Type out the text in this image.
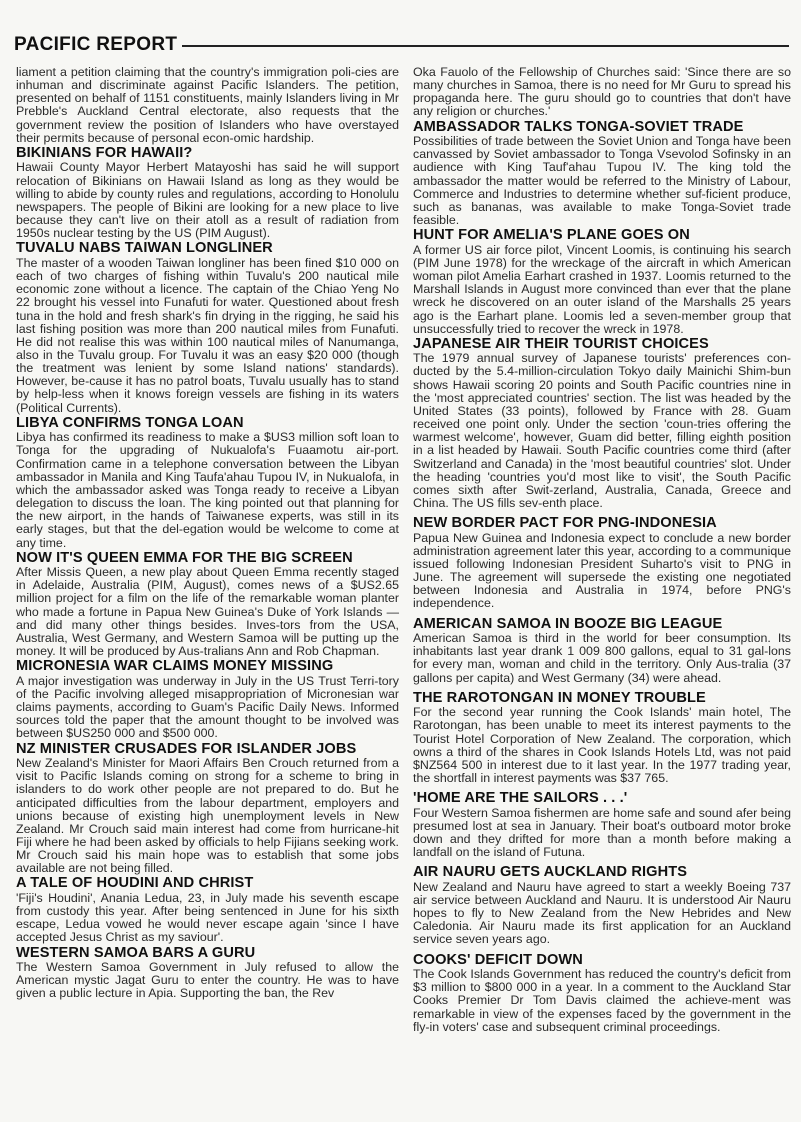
PACIFIC REPORT

liament a petition claiming that the country's immigration poli-cies are inhuman and discriminate against Pacific Islanders. The petition, presented on behalf of 1151 constituents, mainly Islanders living in Mr Prebble's Auckland Central electorate, also requests that the government review the position of Islanders who have overstayed their permits because of personal econ-omic hardship.

BIKINIANS FOR HAWAII?

Hawaii County Mayor Herbert Matayoshi has said he will support relocation of Bikinians on Hawaii Island as long as they would be willing to abide by county rules and regulations, according to Honolulu newspapers. The people of Bikini are looking for a new place to live because they can't live on their atoll as a result of radiation from 1950s nuclear testing by the US (PIM August).

TUVALU NABS TAIWAN LONGLINER

The master of a wooden Taiwan longliner has been fined $10 000 on each of two charges of fishing within Tuvalu's 200 nautical mile economic zone without a licence. The captain of the Chiao Yeng No 22 brought his vessel into Funafuti for water. Questioned about fresh tuna in the hold and fresh shark's fin drying in the rigging, he said his last fishing position was more than 200 nautical miles from Funafuti. He did not realise this was within 100 nautical miles of Nanumanga, also in the Tuvalu group. For Tuvalu it was an easy $20 000 (though the treatment was lenient by some Island nations' standards). However, be-cause it has no patrol boats, Tuvalu usually has to stand by help-less when it knows foreign vessels are fishing in its waters (Political Currents).

LIBYA CONFIRMS TONGA LOAN

Libya has confirmed its readiness to make a $US3 million soft loan to Tonga for the upgrading of Nukualofa's Fuaamotu air-port. Confirmation came in a telephone conversation between the Libyan ambassador in Manila and King Taufa'ahau Tupou IV, in Nukualofa, in which the ambassador asked was Tonga ready to receive a Libyan delegation to discuss the loan. The king pointed out that planning for the new airport, in the hands of Taiwanese experts, was still in its early stages, but that the del-egation would be welcome to come at any time.

NOW IT'S QUEEN EMMA FOR THE BIG SCREEN

After Missis Queen, a new play about Queen Emma recently staged in Adelaide, Australia (PIM, August), comes news of a $US2.65 million project for a film on the life of the remarkable woman planter who made a fortune in Papua New Guinea's Duke of York Islands — and did many other things besides. Inves-tors from the USA, Australia, West Germany, and Western Samoa will be putting up the money. It will be produced by Aus-tralians Ann and Rob Chapman.

MICRONESIA WAR CLAIMS MONEY MISSING

A major investigation was underway in July in the US Trust Terri-tory of the Pacific involving alleged misappropriation of Micronesian war claims payments, according to Guam's Pacific Daily News. Informed sources told the paper that the amount thought to be involved was between $US250 000 and $500 000.

NZ MINISTER CRUSADES FOR ISLANDER JOBS

New Zealand's Minister for Maori Affairs Ben Crouch returned from a visit to Pacific Islands coming on strong for a scheme to bring in islanders to do work other people are not prepared to do. But he anticipated difficulties from the labour department, employers and unions because of existing high unemployment levels in New Zealand. Mr Crouch said main interest had come from hurricane-hit Fiji where he had been asked by officials to help Fijians seeking work. Mr Crouch said his main hope was to establish that some jobs available are not being filled.

A TALE OF HOUDINI AND CHRIST

'Fiji's Houdini', Anania Ledua, 23, in July made his seventh escape from custody this year. After being sentenced in June for his sixth escape, Ledua vowed he would never escape again 'since I have accepted Jesus Christ as my saviour'.

WESTERN SAMOA BARS A GURU

The Western Samoa Government in July refused to allow the American mystic Jagat Guru to enter the country. He was to have given a public lecture in Apia. Supporting the ban, the Rev

Oka Fauolo of the Fellowship of Churches said: 'Since there are so many churches in Samoa, there is no need for Mr Guru to spread his propaganda here. The guru should go to countries that don't have any religion or churches.'

AMBASSADOR TALKS TONGA-SOVIET TRADE

Possibilities of trade between the Soviet Union and Tonga have been canvassed by Soviet ambassador to Tonga Vsevolod Sofinsky in an audience with King Tauf'ahau Tupou IV. The king told the ambassador the matter would be referred to the Ministry of Labour, Commerce and Industries to determine whether suf-ficient produce, such as bananas, was available to make Tonga-Soviet trade feasible.

HUNT FOR AMELIA'S PLANE GOES ON

A former US air force pilot, Vincent Loomis, is continuing his search (PIM June 1978) for the wreckage of the aircraft in which American woman pilot Amelia Earhart crashed in 1937. Loomis returned to the Marshall Islands in August more convinced than ever that the plane wreck he discovered on an outer island of the Marshalls 25 years ago is the Earhart plane. Loomis led a seven-member group that unsuccessfully tried to recover the wreck in 1978.

JAPANESE AIR THEIR TOURIST CHOICES

The 1979 annual survey of Japanese tourists' preferences con-ducted by the 5.4-million-circulation Tokyo daily Mainichi Shim-bun shows Hawaii scoring 20 points and South Pacific countries nine in the 'most appreciated countries' section. The list was headed by the United States (33 points), followed by France with 28. Guam received one point only. Under the section 'coun-tries offering the warmest welcome', however, Guam did better, filling eighth position in a list headed by Hawaii. South Pacific countries come third (after Switzerland and Canada) in the 'most beautiful countries' slot. Under the heading 'countries you'd most like to visit', the South Pacific comes sixth after Swit-zerland, Australia, Canada, Greece and China. The US fills sev-enth place.

NEW BORDER PACT FOR PNG-INDONESIA

Papua New Guinea and Indonesia expect to conclude a new border administration agreement later this year, according to a communique issued following Indonesian President Suharto's visit to PNG in June. The agreement will supersede the existing one negotiated between Indonesia and Australia in 1974, before PNG's independence.

AMERICAN SAMOA IN BOOZE BIG LEAGUE

American Samoa is third in the world for beer consumption. Its inhabitants last year drank 1 009 800 gallons, equal to 31 gal-lons for every man, woman and child in the territory. Only Aus-tralia (37 gallons per capita) and West Germany (34) were ahead.

THE RAROTONGAN IN MONEY TROUBLE

For the second year running the Cook Islands' main hotel, The Rarotongan, has been unable to meet its interest payments to the Tourist Hotel Corporation of New Zealand. The corporation, which owns a third of the shares in Cook Islands Hotels Ltd, was not paid $NZ564 500 in interest due to it last year. In the 1977 trading year, the shortfall in interest payments was $37 765.

'HOME ARE THE SAILORS . . .'

Four Western Samoa fishermen are home safe and sound afer being presumed lost at sea in January. Their boat's outboard motor broke down and they drifted for more than a month before making a landfall on the island of Futuna.

AIR NAURU GETS AUCKLAND RIGHTS

New Zealand and Nauru have agreed to start a weekly Boeing 737 air service between Auckland and Nauru. It is understood Air Nauru hopes to fly to New Zealand from the New Hebrides and New Caledonia. Air Nauru made its first application for an Auckland service seven years ago.

COOKS' DEFICIT DOWN

The Cook Islands Government has reduced the country's deficit from $3 million to $800 000 in a year. In a comment to the Auckland Star Cooks Premier Dr Tom Davis claimed the achieve-ment was remarkable in view of the expenses faced by the government in the fly-in voters' case and subsequent criminal proceedings.
